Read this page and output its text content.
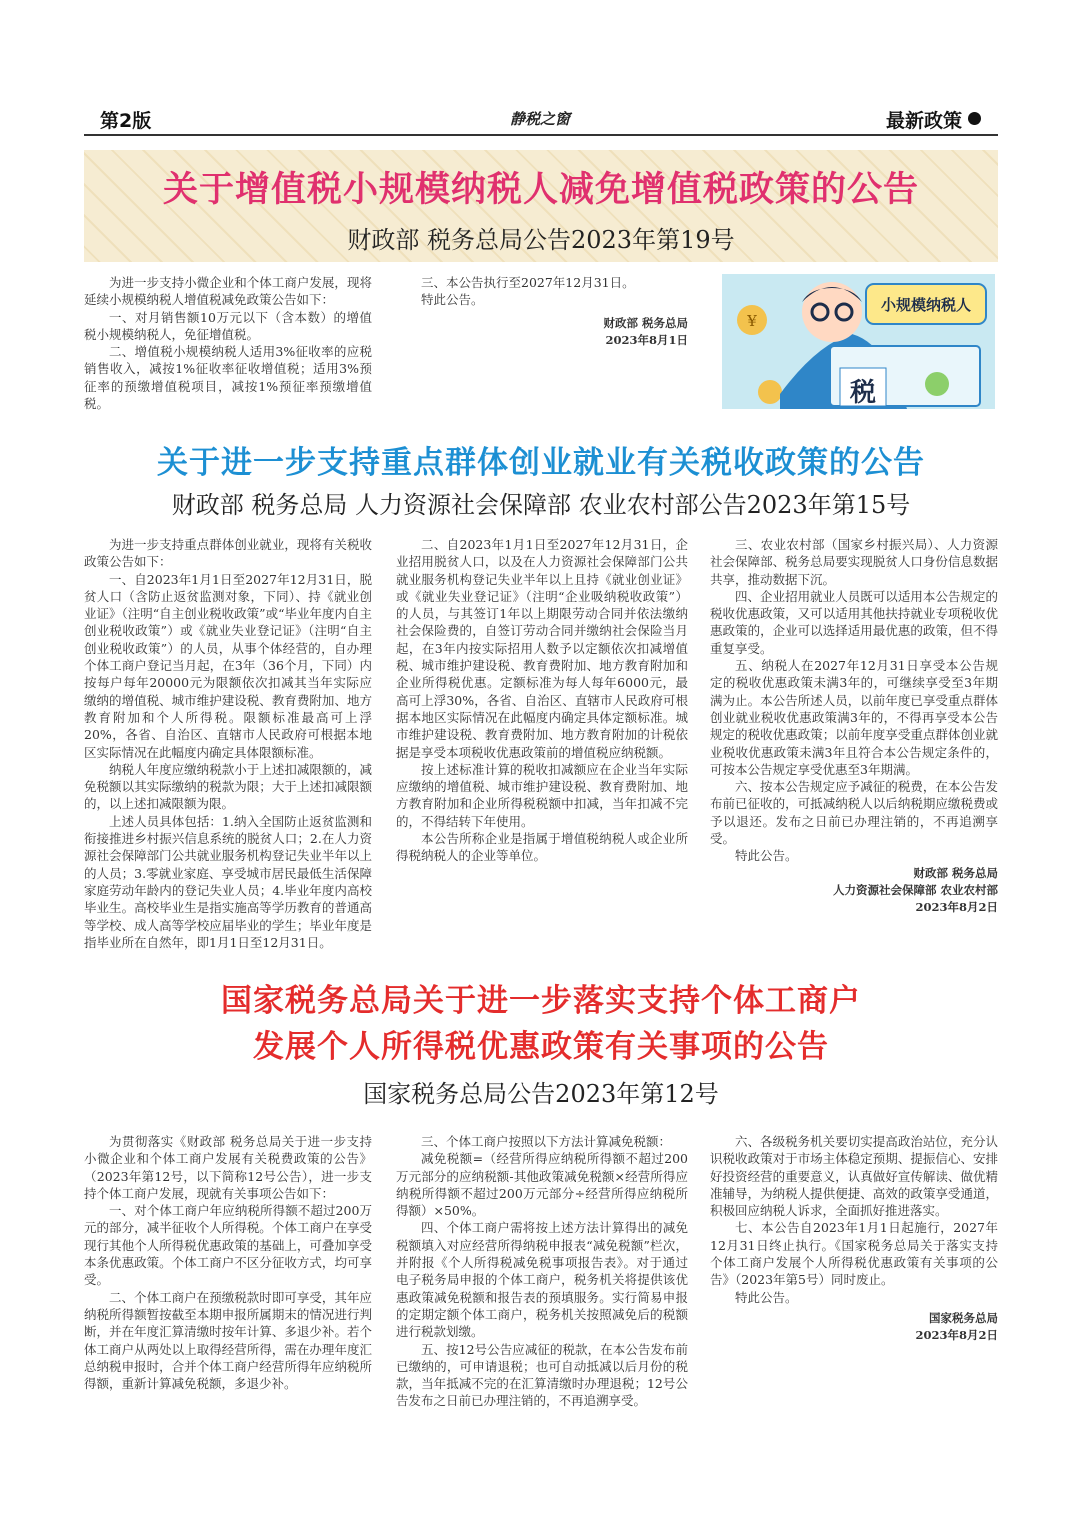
第2版	静税之窗	最新政策
关于增值税小规模纳税人减免增值税政策的公告
财政部 税务总局公告2023年第19号

为进一步支持小微企业和个体工商户发展，现将延续小规模纳税人增值税减免政策公告如下：

一、对月销售额10万元以下（含本数）的增值税小规模纳税人，免征增值税。

二、增值税小规模纳税人适用3%征收率的应税销售收入，减按1%征收率征收增值税；适用3%预征率的预缴增值税项目，减按1%预征率预缴增值税。

三、本公告执行至2027年12月31日。

特此公告。

财政部 税务总局

2023年8月1日

¥
小规模纳税人
税
关于进一步支持重点群体创业就业有关税收政策的公告
财政部 税务总局 人力资源社会保障部 农业农村部公告2023年第15号

为进一步支持重点群体创业就业，现将有关税收政策公告如下：

一、自2023年1月1日至2027年12月31日，脱贫人口（含防止返贫监测对象，下同）、持《就业创业证》（注明“自主创业税收政策”或“毕业年度内自主创业税收政策”）或《就业失业登记证》（注明“自主创业税收政策”）的人员，从事个体经营的，自办理个体工商户登记当月起，在3年（36个月，下同）内按每户每年20000元为限额依次扣减其当年实际应缴纳的增值税、城市维护建设税、教育费附加、地方教育附加和个人所得税。限额标准最高可上浮20%，各省、自治区、直辖市人民政府可根据本地区实际情况在此幅度内确定具体限额标准。

纳税人年度应缴纳税款小于上述扣减限额的，减免税额以其实际缴纳的税款为限；大于上述扣减限额的，以上述扣减限额为限。

上述人员具体包括：1.纳入全国防止返贫监测和衔接推进乡村振兴信息系统的脱贫人口；2.在人力资源社会保障部门公共就业服务机构登记失业半年以上的人员；3.零就业家庭、享受城市居民最低生活保障家庭劳动年龄内的登记失业人员；4.毕业年度内高校毕业生。高校毕业生是指实施高等学历教育的普通高等学校、成人高等学校应届毕业的学生；毕业年度是指毕业所在自然年，即1月1日至12月31日。

二、自2023年1月1日至2027年12月31日，企业招用脱贫人口，以及在人力资源社会保障部门公共就业服务机构登记失业半年以上且持《就业创业证》或《就业失业登记证》（注明“企业吸纳税收政策”）的人员，与其签订1年以上期限劳动合同并依法缴纳社会保险费的，自签订劳动合同并缴纳社会保险当月起，在3年内按实际招用人数予以定额依次扣减增值税、城市维护建设税、教育费附加、地方教育附加和企业所得税优惠。定额标准为每人每年6000元，最高可上浮30%，各省、自治区、直辖市人民政府可根据本地区实际情况在此幅度内确定具体定额标准。城市维护建设税、教育费附加、地方教育附加的计税依据是享受本项税收优惠政策前的增值税应纳税额。

按上述标准计算的税收扣减额应在企业当年实际应缴纳的增值税、城市维护建设税、教育费附加、地方教育附加和企业所得税税额中扣减，当年扣减不完的，不得结转下年使用。

本公告所称企业是指属于增值税纳税人或企业所得税纳税人的企业等单位。

三、农业农村部（国家乡村振兴局）、人力资源社会保障部、税务总局要实现脱贫人口身份信息数据共享，推动数据下沉。

四、企业招用就业人员既可以适用本公告规定的税收优惠政策，又可以适用其他扶持就业专项税收优惠政策的，企业可以选择适用最优惠的政策，但不得重复享受。

五、纳税人在2027年12月31日享受本公告规定的税收优惠政策未满3年的，可继续享受至3年期满为止。本公告所述人员，以前年度已享受重点群体创业就业税收优惠政策满3年的，不得再享受本公告规定的税收优惠政策；以前年度享受重点群体创业就业税收优惠政策未满3年且符合本公告规定条件的，可按本公告规定享受优惠至3年期满。

六、按本公告规定应予减征的税费，在本公告发布前已征收的，可抵减纳税人以后纳税期应缴税费或予以退还。发布之日前已办理注销的，不再追溯享受。

特此公告。

财政部 税务总局

人力资源社会保障部 农业农村部

2023年8月2日

国家税务总局关于进一步落实支持个体工商户
发展个人所得税优惠政策有关事项的公告
国家税务总局公告2023年第12号

为贯彻落实《财政部 税务总局关于进一步支持小微企业和个体工商户发展有关税费政策的公告》（2023年第12号，以下简称12号公告），进一步支持个体工商户发展，现就有关事项公告如下：

一、对个体工商户年应纳税所得额不超过200万元的部分，减半征收个人所得税。个体工商户在享受现行其他个人所得税优惠政策的基础上，可叠加享受本条优惠政策。个体工商户不区分征收方式，均可享受。

二、个体工商户在预缴税款时即可享受，其年应纳税所得额暂按截至本期申报所属期末的情况进行判断，并在年度汇算清缴时按年计算、多退少补。若个体工商户从两处以上取得经营所得，需在办理年度汇总纳税申报时，合并个体工商户经营所得年应纳税所得额，重新计算减免税额，多退少补。

三、个体工商户按照以下方法计算减免税额：

减免税额=（经营所得应纳税所得额不超过200万元部分的应纳税额-其他政策减免税额×经营所得应纳税所得额不超过200万元部分÷经营所得应纳税所得额）×50%。

四、个体工商户需将按上述方法计算得出的减免税额填入对应经营所得纳税申报表“减免税额”栏次，并附报《个人所得税减免税事项报告表》。对于通过电子税务局申报的个体工商户，税务机关将提供该优惠政策减免税额和报告表的预填服务。实行简易申报的定期定额个体工商户，税务机关按照减免后的税额进行税款划缴。

五、按12号公告应减征的税款，在本公告发布前已缴纳的，可申请退税；也可自动抵减以后月份的税款，当年抵减不完的在汇算清缴时办理退税；12号公告发布之日前已办理注销的，不再追溯享受。

六、各级税务机关要切实提高政治站位，充分认识税收政策对于市场主体稳定预期、提振信心、安排好投资经营的重要意义，认真做好宣传解读、做优精准辅导，为纳税人提供便捷、高效的政策享受通道，积极回应纳税人诉求，全面抓好推进落实。

七、本公告自2023年1月1日起施行，2027年12月31日终止执行。《国家税务总局关于落实支持个体工商户发展个人所得税优惠政策有关事项的公告》（2023年第5号）同时废止。

特此公告。

国家税务总局

2023年8月2日
